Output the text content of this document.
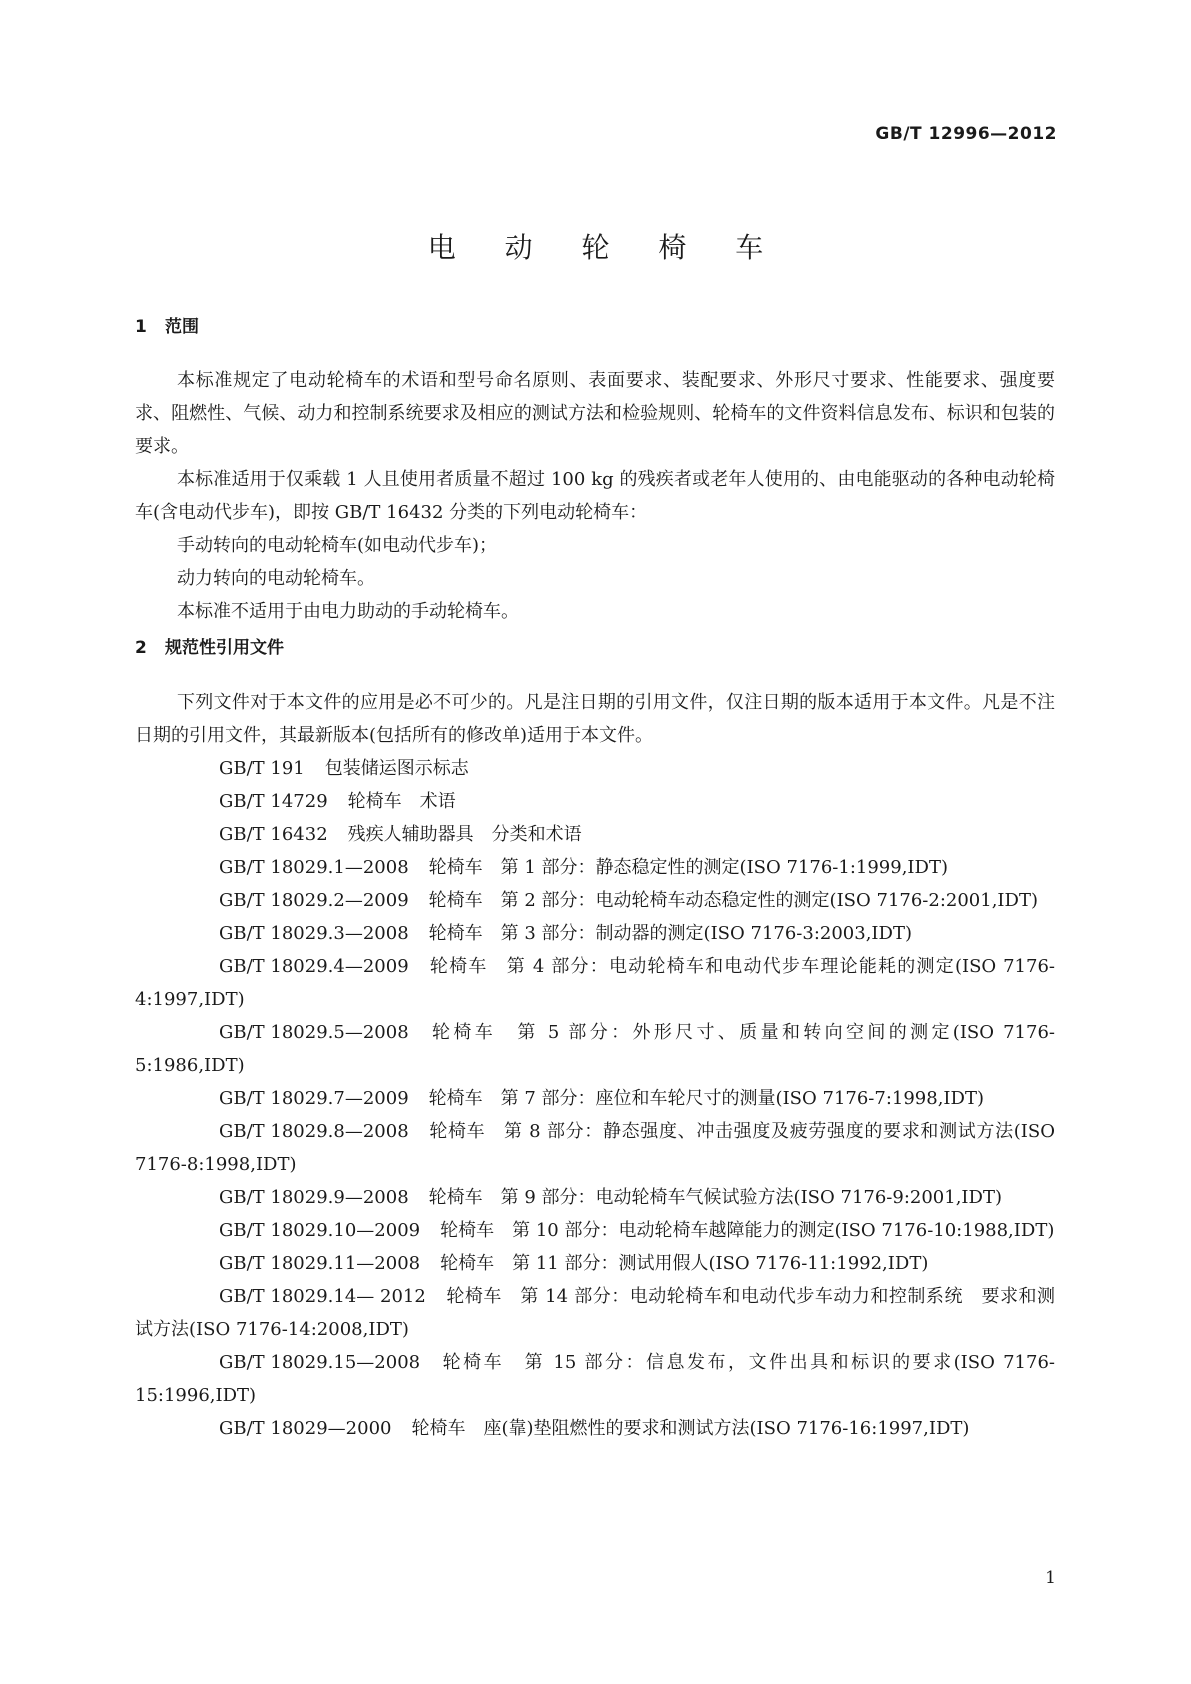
GB/T 12996—2012
电 动 轮 椅 车
1 范围

本标准规定了电动轮椅车的术语和型号命名原则、表面要求、装配要求、外形尺寸要求、性能要求、强度要求、阻燃性、气候、动力和控制系统要求及相应的测试方法和检验规则、轮椅车的文件资料信息发布、标识和包装的要求。

本标准适用于仅乘载 1 人且使用者质量不超过 100 kg 的残疾者或老年人使用的、由电能驱动的各种电动轮椅车(含电动代步车)，即按 GB/T 16432 分类的下列电动轮椅车：

手动转向的电动轮椅车(如电动代步车)；

动力转向的电动轮椅车。

本标准不适用于由电力助动的手动轮椅车。

2 规范性引用文件

下列文件对于本文件的应用是必不可少的。凡是注日期的引用文件，仅注日期的版本适用于本文件。凡是不注日期的引用文件，其最新版本(包括所有的修改单)适用于本文件。

GB/T 191 包装储运图示标志

GB/T 14729 轮椅车　术语

GB/T 16432 残疾人辅助器具　分类和术语

GB/T 18029.1—2008 轮椅车　第 1 部分：静态稳定性的测定(ISO 7176-1:1999,IDT)

GB/T 18029.2—2009 轮椅车　第 2 部分：电动轮椅车动态稳定性的测定(ISO 7176-2:2001,IDT)

GB/T 18029.3—2008 轮椅车　第 3 部分：制动器的测定(ISO 7176-3:2003,IDT)

GB/T 18029.4—2009 轮椅车　第 4 部分：电动轮椅车和电动代步车理论能耗的测定(ISO 7176-4:1997,IDT)

GB/T 18029.5—2008 轮椅车　第 5 部分：外形尺寸、质量和转向空间的测定(ISO 7176-5:1986,IDT)

GB/T 18029.7—2009 轮椅车　第 7 部分：座位和车轮尺寸的测量(ISO 7176-7:1998,IDT)

GB/T 18029.8—2008 轮椅车　第 8 部分：静态强度、冲击强度及疲劳强度的要求和测试方法(ISO 7176-8:1998,IDT)

GB/T 18029.9—2008 轮椅车　第 9 部分：电动轮椅车气候试验方法(ISO 7176-9:2001,IDT)

GB/T 18029.10—2009 轮椅车　第 10 部分：电动轮椅车越障能力的测定(ISO 7176-10:1988,IDT)

GB/T 18029.11—2008 轮椅车　第 11 部分：测试用假人(ISO 7176-11:1992,IDT)

GB/T 18029.14— 2012 轮椅车　第 14 部分：电动轮椅车和电动代步车动力和控制系统　要求和测试方法(ISO 7176-14:2008,IDT)

GB/T 18029.15—2008 轮椅车　第 15 部分：信息发布，文件出具和标识的要求(ISO 7176-15:1996,IDT)

GB/T 18029—2000 轮椅车　座(靠)垫阻燃性的要求和测试方法(ISO 7176-16:1997,IDT)

1
